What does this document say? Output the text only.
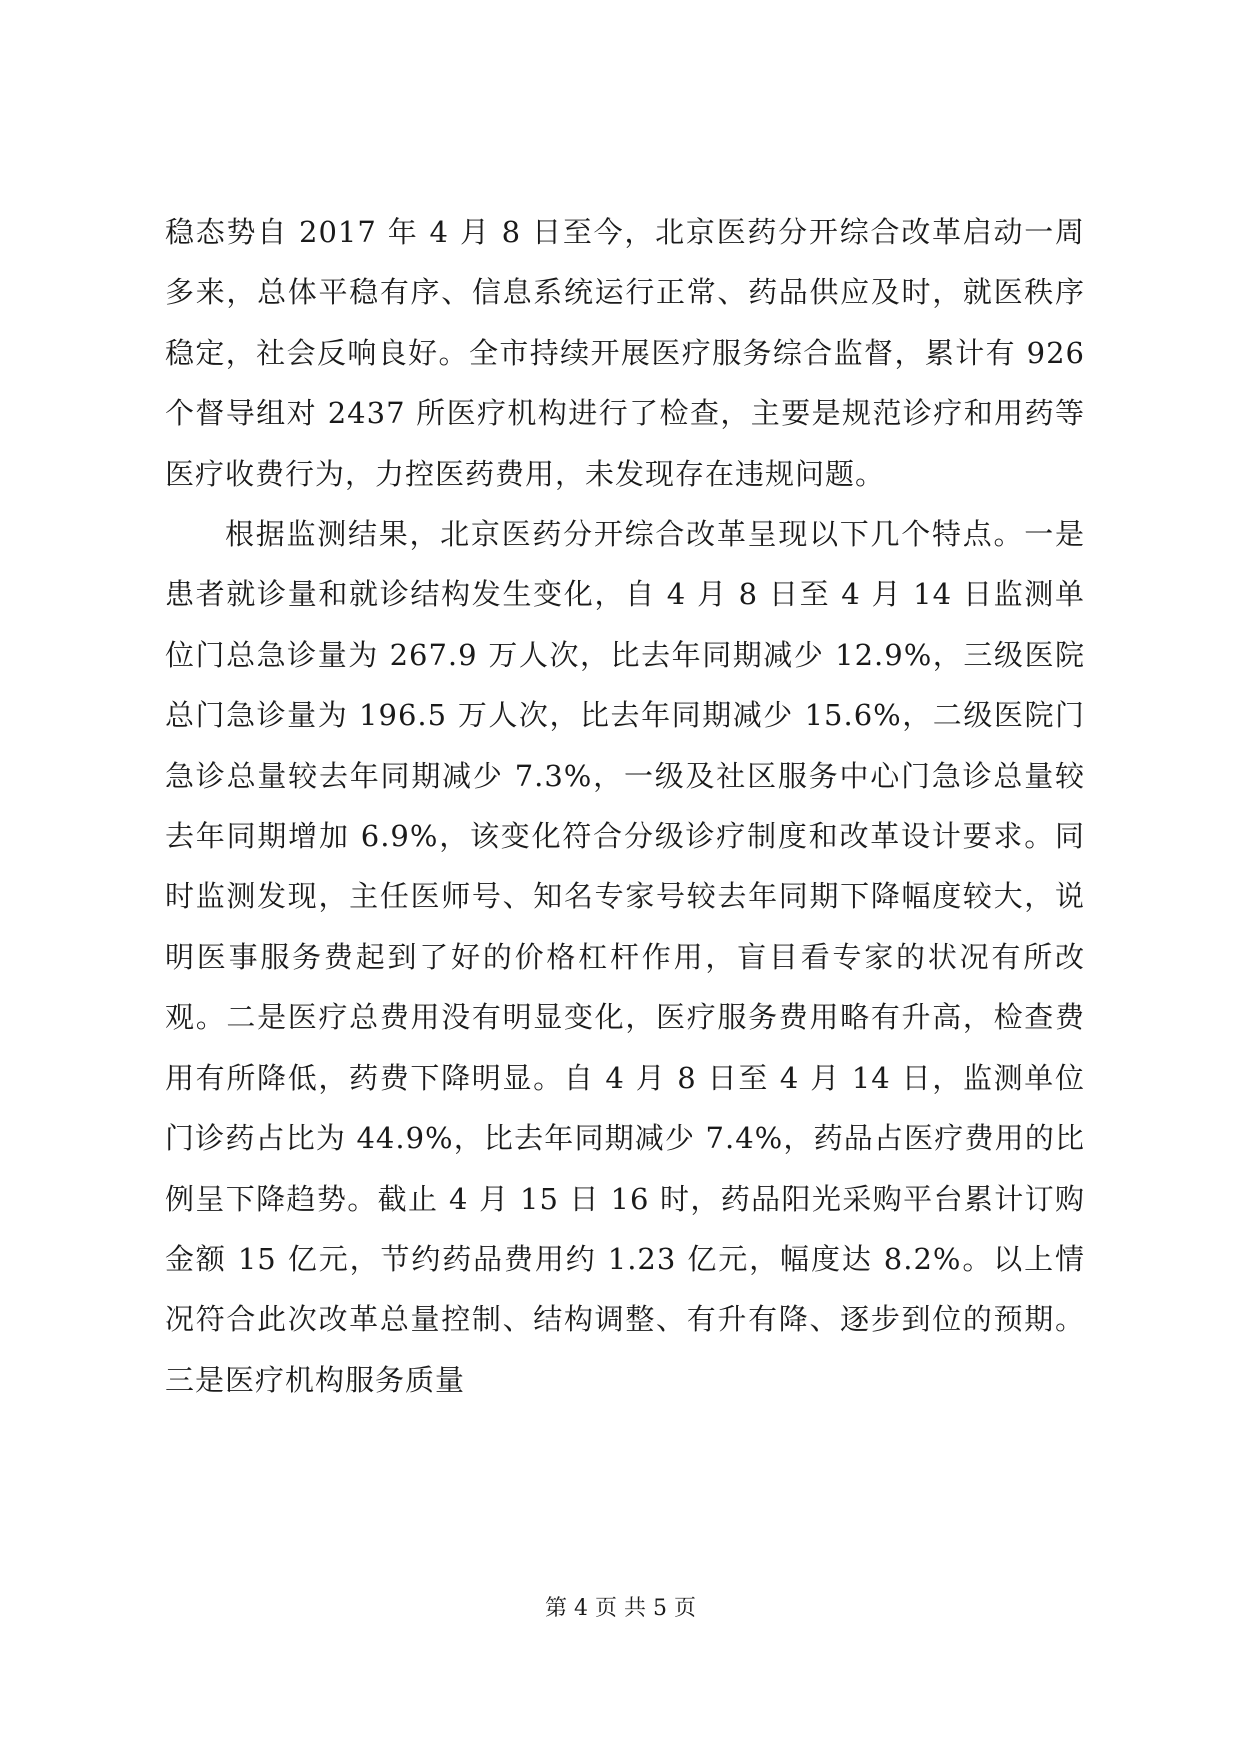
稳态势自 2017 年 4 月 8 日至今，北京医药分开综合改革启动一周多来，总体平稳有序、信息系统运行正常、药品供应及时，就医秩序稳定，社会反响良好。全市持续开展医疗服务综合监督，累计有 926 个督导组对 2437 所医疗机构进行了检查，主要是规范诊疗和用药等医疗收费行为，力控医药费用，未发现存在违规问题。

根据监测结果，北京医药分开综合改革呈现以下几个特点。一是患者就诊量和就诊结构发生变化，自 4 月 8 日至 4 月 14 日监测单位门总急诊量为 267.9 万人次，比去年同期减少 12.9%，三级医院总门急诊量为 196.5 万人次，比去年同期减少 15.6%，二级医院门急诊总量较去年同期减少 7.3%，一级及社区服务中心门急诊总量较去年同期增加 6.9%，该变化符合分级诊疗制度和改革设计要求。同时监测发现，主任医师号、知名专家号较去年同期下降幅度较大，说明医事服务费起到了好的价格杠杆作用，盲目看专家的状况有所改观。二是医疗总费用没有明显变化，医疗服务费用略有升高，检查费用有所降低，药费下降明显。自 4 月 8 日至 4 月 14 日，监测单位门诊药占比为 44.9%，比去年同期减少 7.4%，药品占医疗费用的比例呈下降趋势。截止 4 月 15 日 16 时，药品阳光采购平台累计订购金额 15 亿元，节约药品费用约 1.23 亿元，幅度达 8.2%。以上情况符合此次改革总量控制、结构调整、有升有降、逐步到位的预期。三是医疗机构服务质量

第 4 页 共 5 页
